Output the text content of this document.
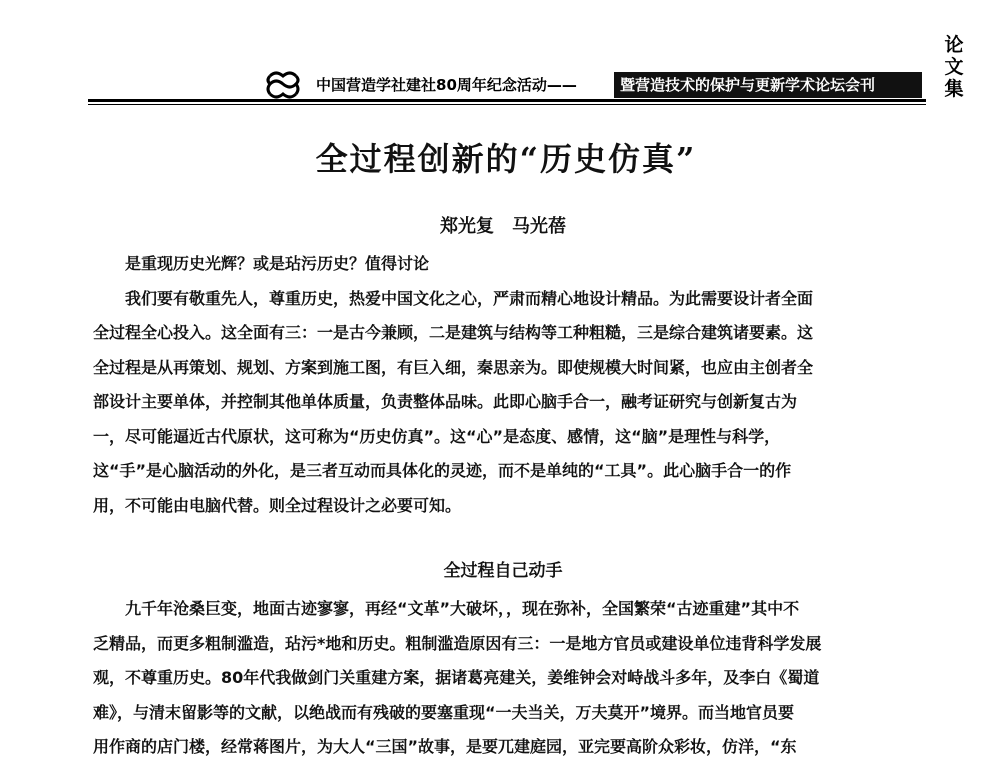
论
文
集
中国营造学社建社80周年纪念活动——	暨营造技术的保护与更新学术论坛会刊
全过程创新的“历史仿真”
郑光复　马光蓓
是重现历史光辉？或是玷污历史？值得讨论
我们要有敬重先人，尊重历史，热爱中国文化之心，严肃而精心地设计精品。为此需要设计者全面
全过程全心投入。这全面有三：一是古今兼顾，二是建筑与结构等工种粗糙，三是综合建筑诸要素。这
全过程是从再策划、规划、方案到施工图，有巨入细，秦思亲为。即使规模大时间紧，也应由主创者全
部设计主要单体，并控制其他单体质量，负责整体品味。此即心脑手合一，融考证研究与创新复古为
一，尽可能逼近古代原状，这可称为“历史仿真”。这“心”是态度、感情，这“脑”是理性与科学，
这“手”是心脑活动的外化，是三者互动而具体化的灵迹，而不是单纯的“工具”。此心脑手合一的作
用，不可能由电脑代替。则全过程设计之必要可知。
全过程自己动手
九千年沧桑巨变，地面古迹寥寥，再经“文革”大破坏，，现在弥补，全国繁荣“古迹重建”其中不
乏精品，而更多粗制滥造，玷污*地和历史。粗制滥造原因有三：一是地方官员或建设单位违背科学发展
观，不尊重历史。80年代我做剑门关重建方案，据诸葛亮建关，姜维钟会对峙战斗多年，及李白《蜀道
难》，与清末留影等的文献，以绝战而有残破的要塞重现“一夫当关，万夫莫开”境界。而当地官员要
用作商的店门楼，经常蒋图片，为大人“三国”故事，是要兀建庭园，亚完要高阶众彩妆，仿洋，“东
